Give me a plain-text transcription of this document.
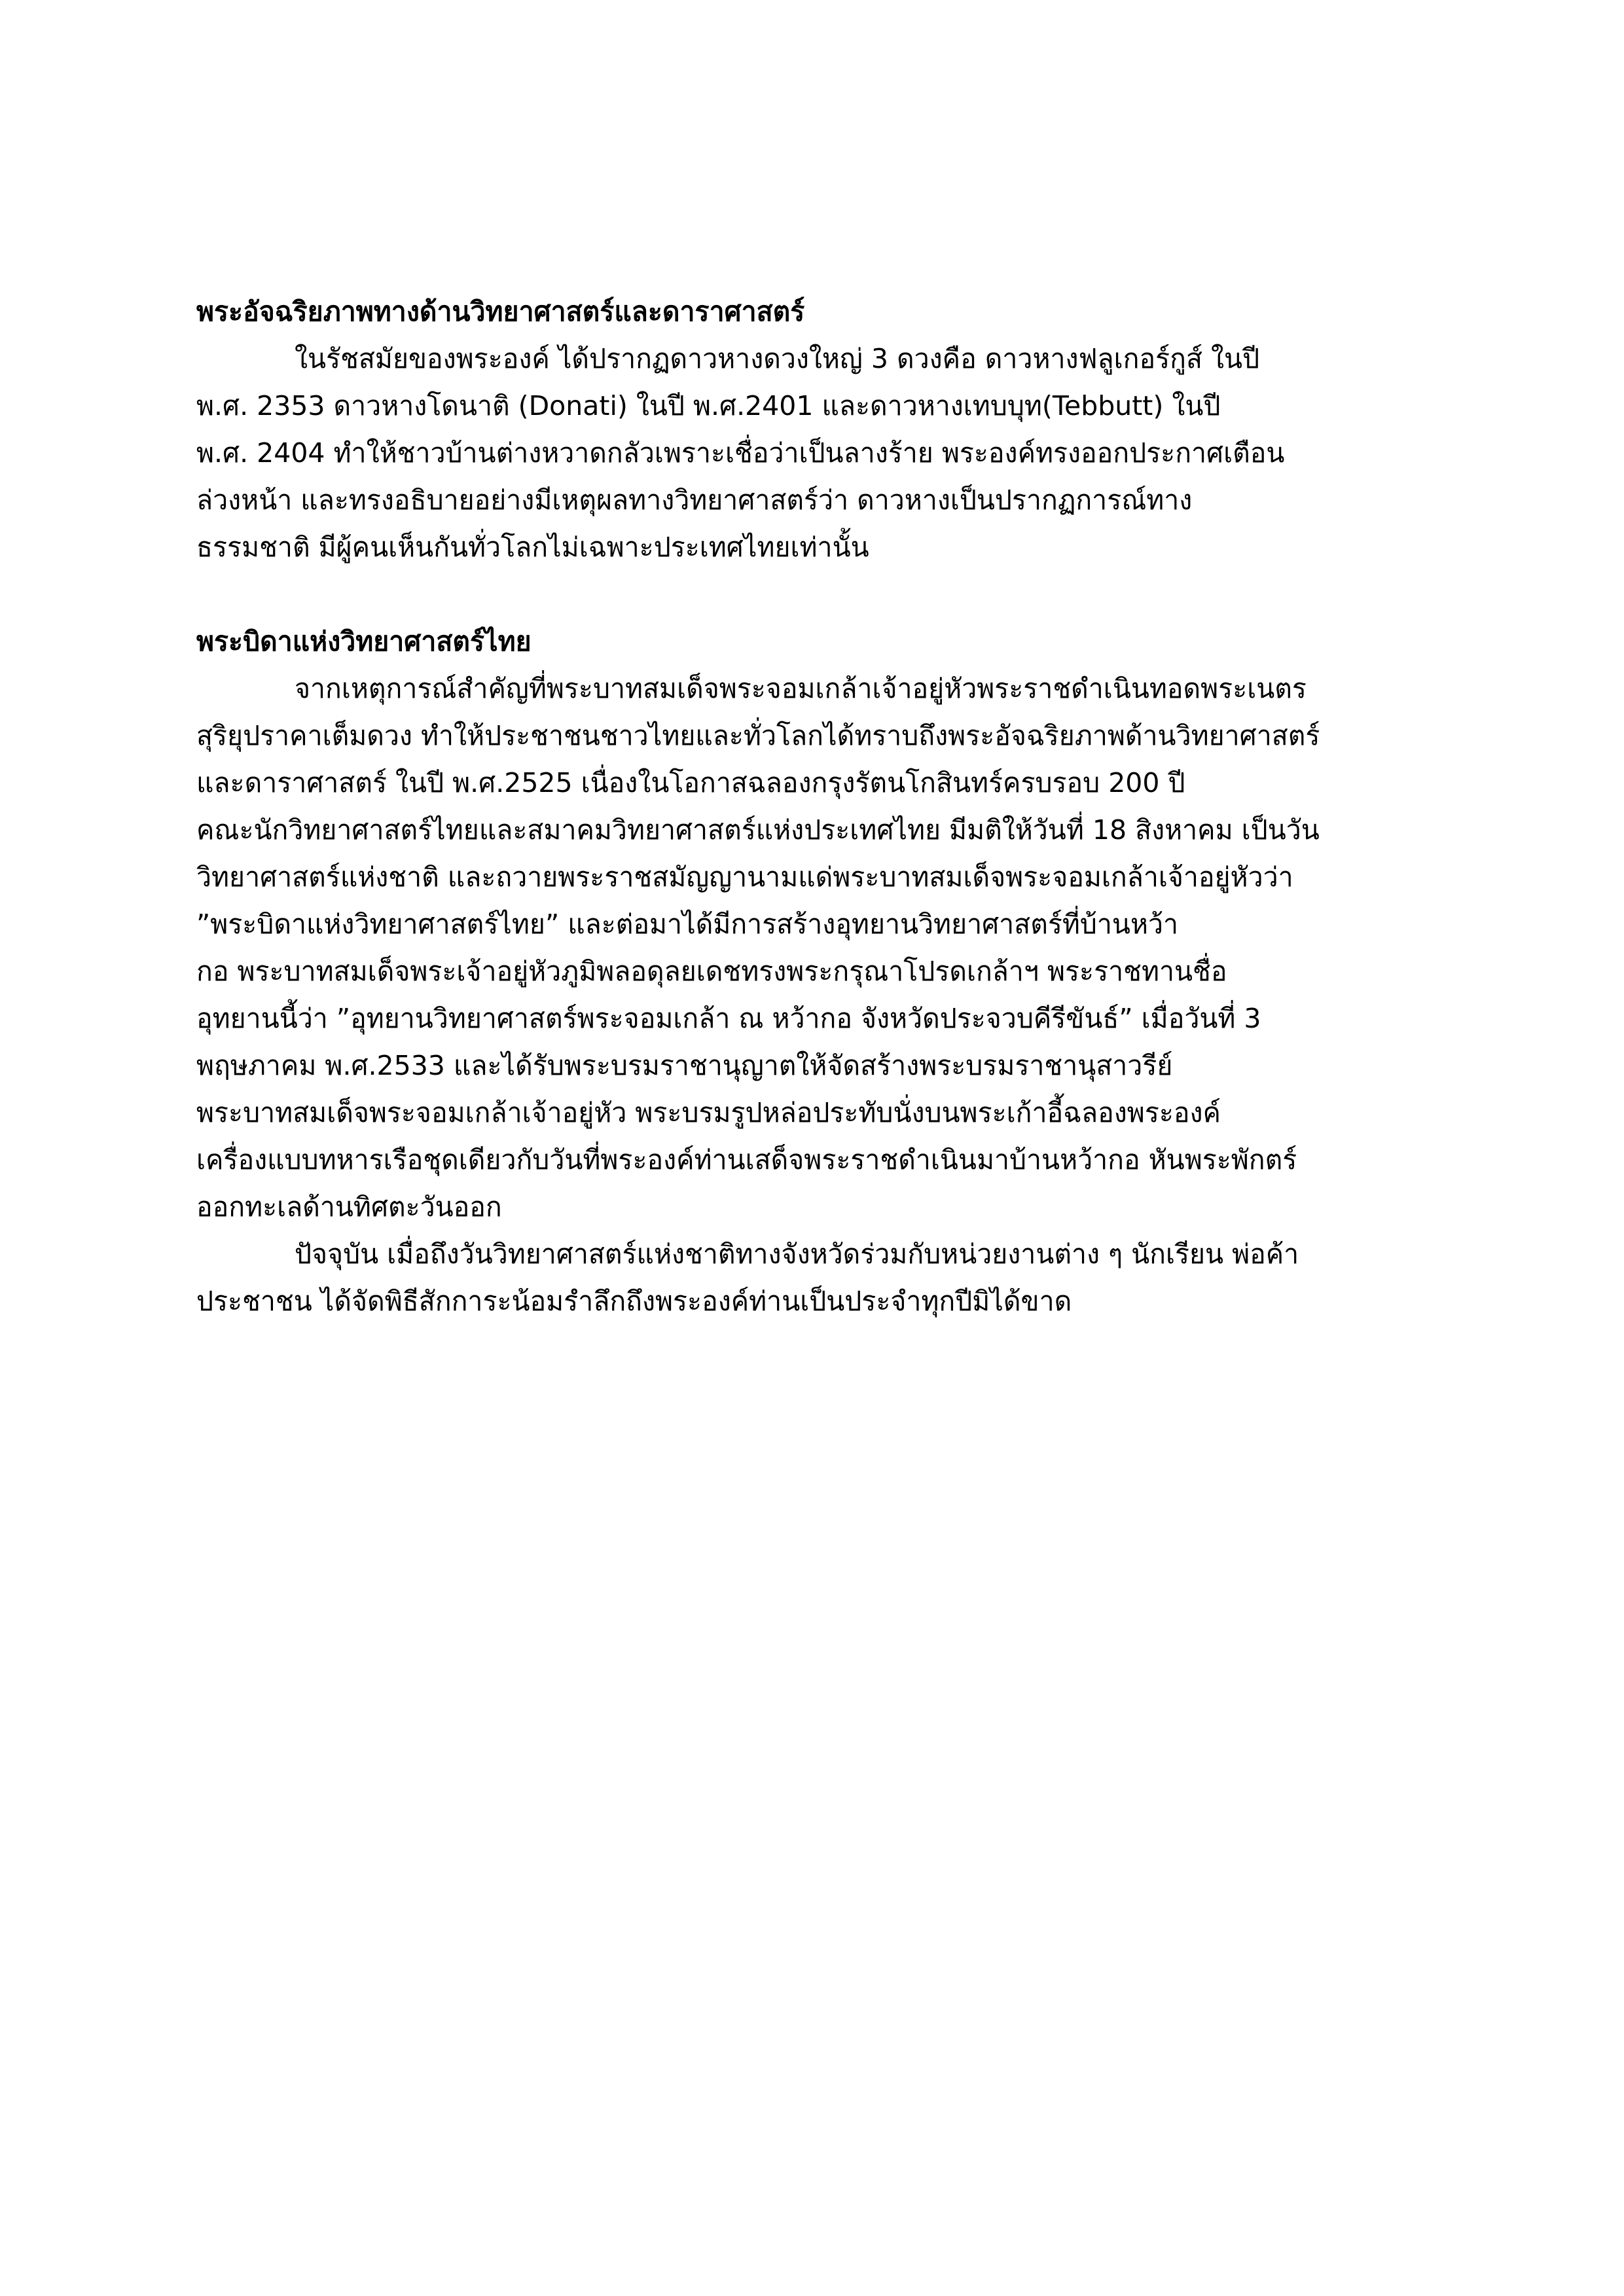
พระอัจฉริยภาพทางด้านวิทยาศาสตร์และดาราศาสตร์
ในรัชสมัยของพระองค์ ได้ปรากฏดาวหางดวงใหญ่ 3 ดวงคือ ดาวหางฟลูเกอร์กูส์ ในปี
พ.ศ. 2353 ดาวหางโดนาติ (Donati) ในปี พ.ศ.2401 และดาวหางเทบบุท(Tebbutt) ในปี
พ.ศ. 2404 ทำให้ชาวบ้านต่างหวาดกลัวเพราะเชื่อว่าเป็นลางร้าย พระองค์ทรงออกประกาศเตือน
ล่วงหน้า และทรงอธิบายอย่างมีเหตุผลทางวิทยาศาสตร์ว่า ดาวหางเป็นปรากฏการณ์ทาง
ธรรมชาติ มีผู้คนเห็นกันทั่วโลกไม่เฉพาะประเทศไทยเท่านั้น
พระบิดาแห่งวิทยาศาสตร์ไทย
จากเหตุการณ์สำคัญที่พระบาทสมเด็จพระจอมเกล้าเจ้าอยู่หัวพระราชดำเนินทอดพระเนตร
สุริยุปราคาเต็มดวง ทำให้ประชาชนชาวไทยและทั่วโลกได้ทราบถึงพระอัจฉริยภาพด้านวิทยาศาสตร์
และดาราศาสตร์ ในปี พ.ศ.2525 เนื่องในโอกาสฉลองกรุงรัตนโกสินทร์ครบรอบ 200 ปี
คณะนักวิทยาศาสตร์ไทยและสมาคมวิทยาศาสตร์แห่งประเทศไทย มีมติให้วันที่ 18 สิงหาคม เป็นวัน
วิทยาศาสตร์แห่งชาติ และถวายพระราชสมัญญานามแด่พระบาทสมเด็จพระจอมเกล้าเจ้าอยู่หัวว่า
”พระบิดาแห่งวิทยาศาสตร์ไทย” และต่อมาได้มีการสร้างอุทยานวิทยาศาสตร์ที่บ้านหว้า
กอ พระบาทสมเด็จพระเจ้าอยู่หัวภูมิพลอดุลยเดชทรงพระกรุณาโปรดเกล้าฯ พระราชทานชื่อ
อุทยานนี้ว่า ”อุทยานวิทยาศาสตร์พระจอมเกล้า ณ หว้ากอ จังหวัดประจวบคีรีขันธ์” เมื่อวันที่ 3
พฤษภาคม พ.ศ.2533 และได้รับพระบรมราชานุญาตให้จัดสร้างพระบรมราชานุสาวรีย์
พระบาทสมเด็จพระจอมเกล้าเจ้าอยู่หัว พระบรมรูปหล่อประทับนั่งบนพระเก้าอี้ฉลองพระองค์
เครื่องแบบทหารเรือชุดเดียวกับวันที่พระองค์ท่านเสด็จพระราชดำเนินมาบ้านหว้ากอ หันพระพักตร์
ออกทะเลด้านทิศตะวันออก
ปัจจุบัน เมื่อถึงวันวิทยาศาสตร์แห่งชาติทางจังหวัดร่วมกับหน่วยงานต่าง ๆ นักเรียน พ่อค้า
ประชาชน ได้จัดพิธีสักการะน้อมรำลึกถึงพระองค์ท่านเป็นประจำทุกปีมิได้ขาด
